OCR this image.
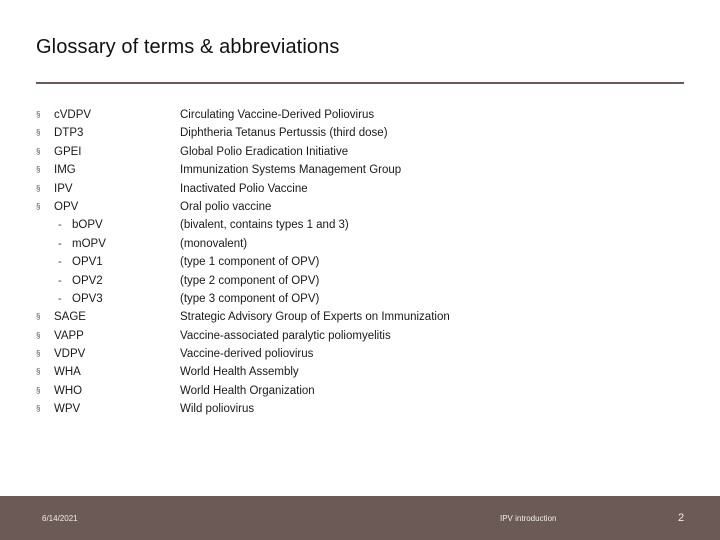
Glossary of terms & abbreviations
§	cVDPV	Circulating Vaccine-Derived Poliovirus
§	DTP3	Diphtheria Tetanus Pertussis (third dose)
§	GPEI	Global Polio Eradication Initiative
§	IMG	Immunization Systems Management Group
§	IPV	Inactivated Polio Vaccine
§	OPV	Oral polio vaccine
- bOPV	(bivalent, contains types 1 and 3)
- mOPV	(monovalent)
- OPV1	(type 1 component of OPV)
- OPV2	(type 2 component of OPV)
- OPV3	(type 3 component of OPV)
§	SAGE	Strategic Advisory Group of Experts on Immunization
§	VAPP	Vaccine-associated paralytic poliomyelitis
§	VDPV	Vaccine-derived poliovirus
§	WHA	World Health Assembly
§	WHO	World Health Organization
§	WPV	Wild poliovirus
6/14/2021	IPV introduction	2
